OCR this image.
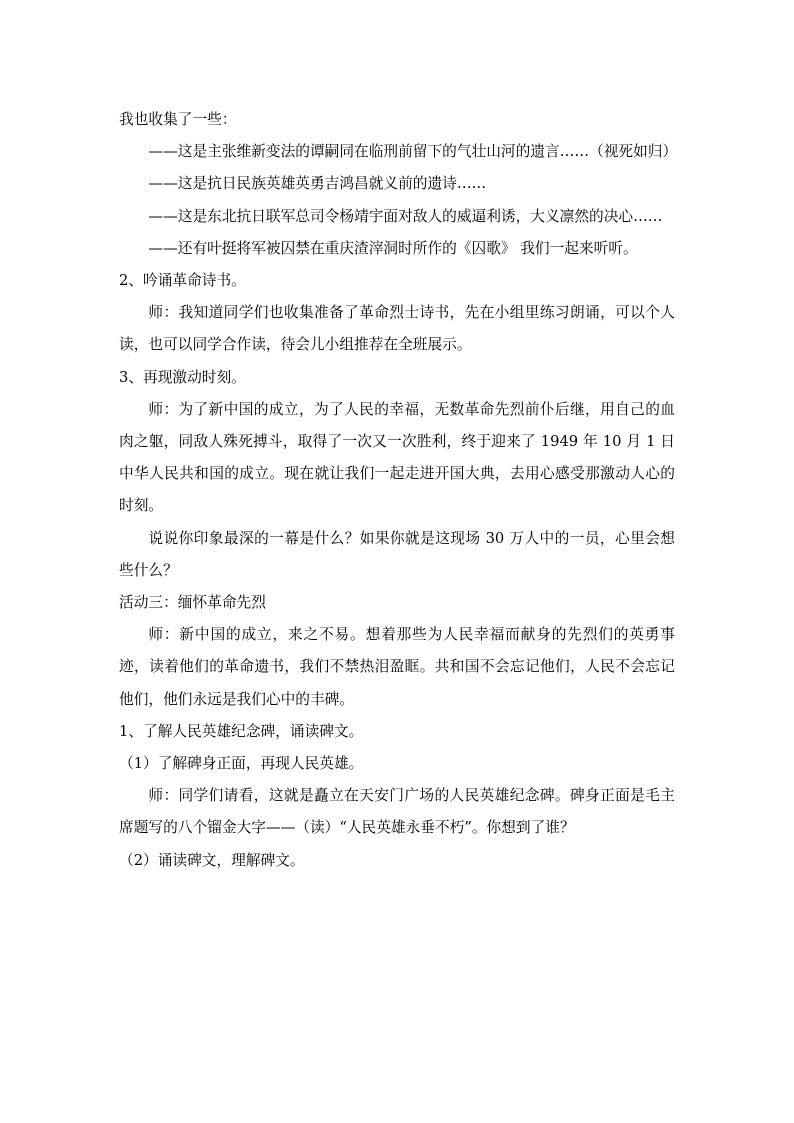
我也收集了一些：

——这是主张维新变法的谭嗣同在临刑前留下的气壮山河的遗言……（视死如归）

——这是抗日民族英雄英勇吉鸿昌就义前的遗诗……

——这是东北抗日联军总司令杨靖宇面对敌人的威逼利诱，大义凛然的决心……

——还有叶挺将军被囚禁在重庆渣滓洞时所作的《囚歌》 我们一起来听听。

2、吟诵革命诗书。

师：我知道同学们也收集准备了革命烈士诗书，先在小组里练习朗诵，可以个人读，也可以同学合作读，待会儿小组推荐在全班展示。

3、再现激动时刻。

师：为了新中国的成立，为了人民的幸福，无数革命先烈前仆后继，用自己的血肉之躯，同敌人殊死搏斗，取得了一次又一次胜利，终于迎来了 1949 年 10 月 1 日中华人民共和国的成立。现在就让我们一起走进开国大典，去用心感受那激动人心的时刻。

说说你印象最深的一幕是什么？如果你就是这现场 30 万人中的一员，心里会想些什么？

活动三：缅怀革命先烈

师：新中国的成立，来之不易。想着那些为人民幸福而献身的先烈们的英勇事迹，读着他们的革命遗书，我们不禁热泪盈眶。共和国不会忘记他们，人民不会忘记他们，他们永远是我们心中的丰碑。

1、了解人民英雄纪念碑，诵读碑文。

（1）了解碑身正面，再现人民英雄。

师：同学们请看，这就是矗立在天安门广场的人民英雄纪念碑。碑身正面是毛主席题写的八个镏金大字——（读）“人民英雄永垂不朽”。你想到了谁？

（2）诵读碑文，理解碑文。
